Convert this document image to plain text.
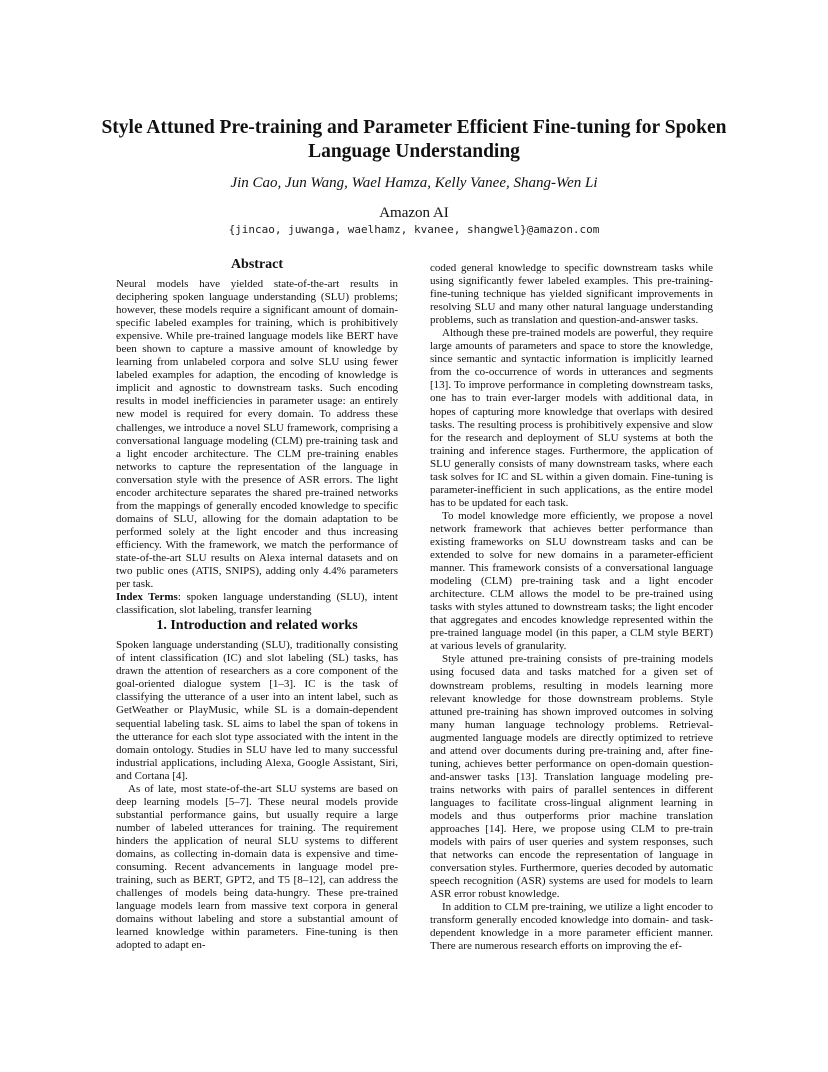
Style Attuned Pre-training and Parameter Efficient Fine-tuning for Spoken Language Understanding
Jin Cao, Jun Wang, Wael Hamza, Kelly Vanee, Shang-Wen Li
Amazon AI
{jincao, juwanga, waelhamz, kvanee, shangwel}@amazon.com
Abstract

Neural models have yielded state-of-the-art results in deciphering spoken language understanding (SLU) problems; however, these models require a significant amount of domain-specific labeled examples for training, which is prohibitively expensive. While pre-trained language models like BERT have been shown to capture a massive amount of knowledge by learning from unlabeled corpora and solve SLU using fewer labeled examples for adaption, the encoding of knowledge is implicit and agnostic to downstream tasks. Such encoding results in model inefficiencies in parameter usage: an entirely new model is required for every domain. To address these challenges, we introduce a novel SLU framework, comprising a conversational language modeling (CLM) pre-training task and a light encoder architecture. The CLM pre-training enables networks to capture the representation of the language in conversation style with the presence of ASR errors. The light encoder architecture separates the shared pre-trained networks from the mappings of generally encoded knowledge to specific domains of SLU, allowing for the domain adaptation to be performed solely at the light encoder and thus increasing efficiency. With the framework, we match the performance of state-of-the-art SLU results on Alexa internal datasets and on two public ones (ATIS, SNIPS), adding only 4.4% parameters per task.

Index Terms: spoken language understanding (SLU), intent classification, slot labeling, transfer learning

1. Introduction and related works

Spoken language understanding (SLU), traditionally consisting of intent classification (IC) and slot labeling (SL) tasks, has drawn the attention of researchers as a core component of the goal-oriented dialogue system [1–3]. IC is the task of classifying the utterance of a user into an intent label, such as GetWeather or PlayMusic, while SL is a domain-dependent sequential labeling task. SL aims to label the span of tokens in the utterance for each slot type associated with the intent in the domain ontology. Studies in SLU have led to many successful industrial applications, including Alexa, Google Assistant, Siri, and Cortana [4].

As of late, most state-of-the-art SLU systems are based on deep learning models [5–7]. These neural models provide substantial performance gains, but usually require a large number of labeled utterances for training. The requirement hinders the application of neural SLU systems to different domains, as collecting in-domain data is expensive and time-consuming. Recent advancements in language model pre-training, such as BERT, GPT2, and T5 [8–12], can address the challenges of models being data-hungry. These pre-trained language models learn from massive text corpora in general domains without labeling and store a substantial amount of learned knowledge within parameters. Fine-tuning is then adopted to adapt en-

coded general knowledge to specific downstream tasks while using significantly fewer labeled examples. This pre-training-fine-tuning technique has yielded significant improvements in resolving SLU and many other natural language understanding problems, such as translation and question-and-answer tasks.

Although these pre-trained models are powerful, they require large amounts of parameters and space to store the knowledge, since semantic and syntactic information is implicitly learned from the co-occurrence of words in utterances and segments [13]. To improve performance in completing downstream tasks, one has to train ever-larger models with additional data, in hopes of capturing more knowledge that overlaps with desired tasks. The resulting process is prohibitively expensive and slow for the research and deployment of SLU systems at both the training and inference stages. Furthermore, the application of SLU generally consists of many downstream tasks, where each task solves for IC and SL within a given domain. Fine-tuning is parameter-inefficient in such applications, as the entire model has to be updated for each task.

To model knowledge more efficiently, we propose a novel network framework that achieves better performance than existing frameworks on SLU downstream tasks and can be extended to solve for new domains in a parameter-efficient manner. This framework consists of a conversational language modeling (CLM) pre-training task and a light encoder architecture. CLM allows the model to be pre-trained using tasks with styles attuned to downstream tasks; the light encoder that aggregates and encodes knowledge represented within the pre-trained language model (in this paper, a CLM style BERT) at various levels of granularity.

Style attuned pre-training consists of pre-training models using focused data and tasks matched for a given set of downstream problems, resulting in models learning more relevant knowledge for those downstream problems. Style attuned pre-training has shown improved outcomes in solving many human language technology problems. Retrieval-augmented language models are directly optimized to retrieve and attend over documents during pre-training and, after fine-tuning, achieves better performance on open-domain question-and-answer tasks [13]. Translation language modeling pre-trains networks with pairs of parallel sentences in different languages to facilitate cross-lingual alignment learning in models and thus outperforms prior machine translation approaches [14]. Here, we propose using CLM to pre-train models with pairs of user queries and system responses, such that networks can encode the representation of language in conversation styles. Furthermore, queries decoded by automatic speech recognition (ASR) systems are used for models to learn ASR error robust knowledge.

In addition to CLM pre-training, we utilize a light encoder to transform generally encoded knowledge into domain- and task-dependent knowledge in a more parameter efficient manner. There are numerous research efforts on improving the ef-
